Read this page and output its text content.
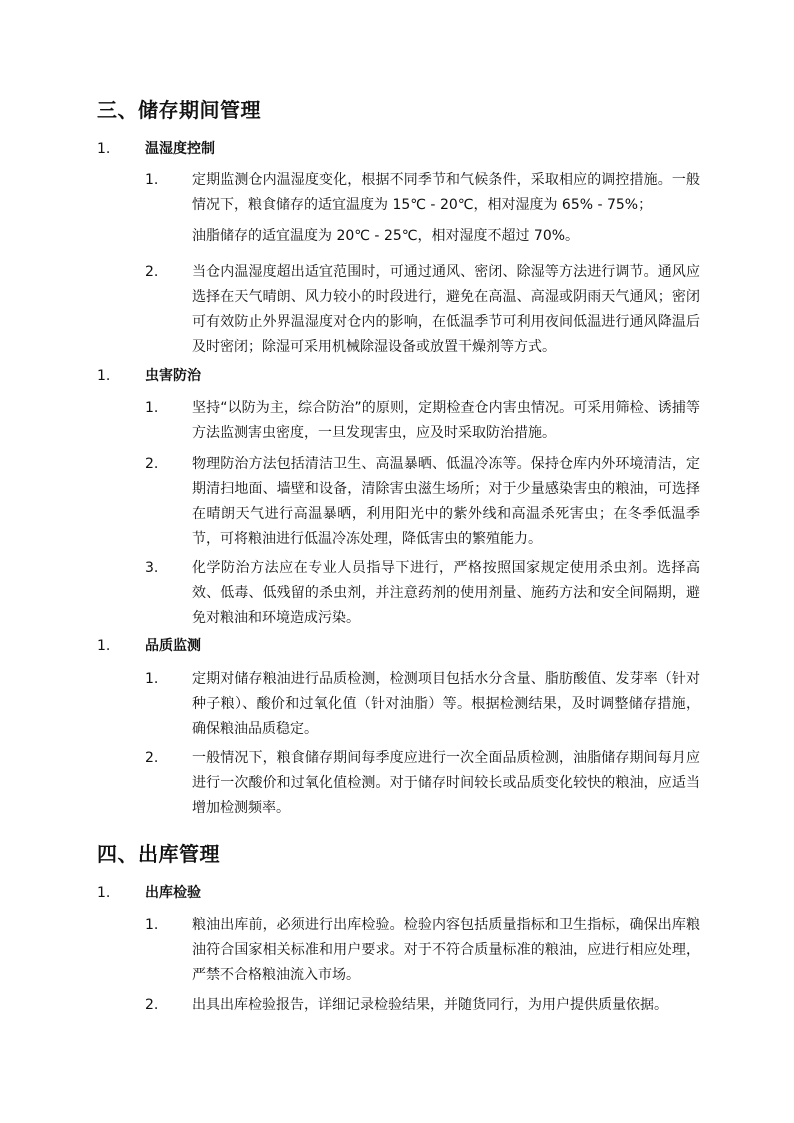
三、储存期间管理
1. 温湿度控制
1. 定期监测仓内温湿度变化，根据不同季节和气候条件，采取相应的调控措施。一般情况下，粮食储存的适宜温度为 15℃ - 20℃，相对湿度为 65% - 75%；

油脂储存的适宜温度为 20℃ - 25℃，相对湿度不超过 70%。

2. 当仓内温湿度超出适宜范围时，可通过通风、密闭、除湿等方法进行调节。通风应选择在天气晴朗、风力较小的时段进行，避免在高温、高湿或阴雨天气通风；密闭可有效防止外界温湿度对仓内的影响，在低温季节可利用夜间低温进行通风降温后及时密闭；除湿可采用机械除湿设备或放置干燥剂等方式。

1. 虫害防治
1. 坚持“以防为主，综合防治”的原则，定期检查仓内害虫情况。可采用筛检、诱捕等方法监测害虫密度，一旦发现害虫，应及时采取防治措施。

2. 物理防治方法包括清洁卫生、高温暴晒、低温冷冻等。保持仓库内外环境清洁，定期清扫地面、墙壁和设备，清除害虫滋生场所；对于少量感染害虫的粮油，可选择在晴朗天气进行高温暴晒，利用阳光中的紫外线和高温杀死害虫；在冬季低温季节，可将粮油进行低温冷冻处理，降低害虫的繁殖能力。

3. 化学防治方法应在专业人员指导下进行，严格按照国家规定使用杀虫剂。选择高效、低毒、低残留的杀虫剂，并注意药剂的使用剂量、施药方法和安全间隔期，避免对粮油和环境造成污染。

1. 品质监测
1. 定期对储存粮油进行品质检测，检测项目包括水分含量、脂肪酸值、发芽率（针对种子粮）、酸价和过氧化值（针对油脂）等。根据检测结果，及时调整储存措施，确保粮油品质稳定。

2. 一般情况下，粮食储存期间每季度应进行一次全面品质检测，油脂储存期间每月应进行一次酸价和过氧化值检测。对于储存时间较长或品质变化较快的粮油，应适当增加检测频率。

四、出库管理
1. 出库检验
1. 粮油出库前，必须进行出库检验。检验内容包括质量指标和卫生指标，确保出库粮油符合国家相关标准和用户要求。对于不符合质量标准的粮油，应进行相应处理，严禁不合格粮油流入市场。

2. 出具出库检验报告，详细记录检验结果，并随货同行，为用户提供质量依据。
